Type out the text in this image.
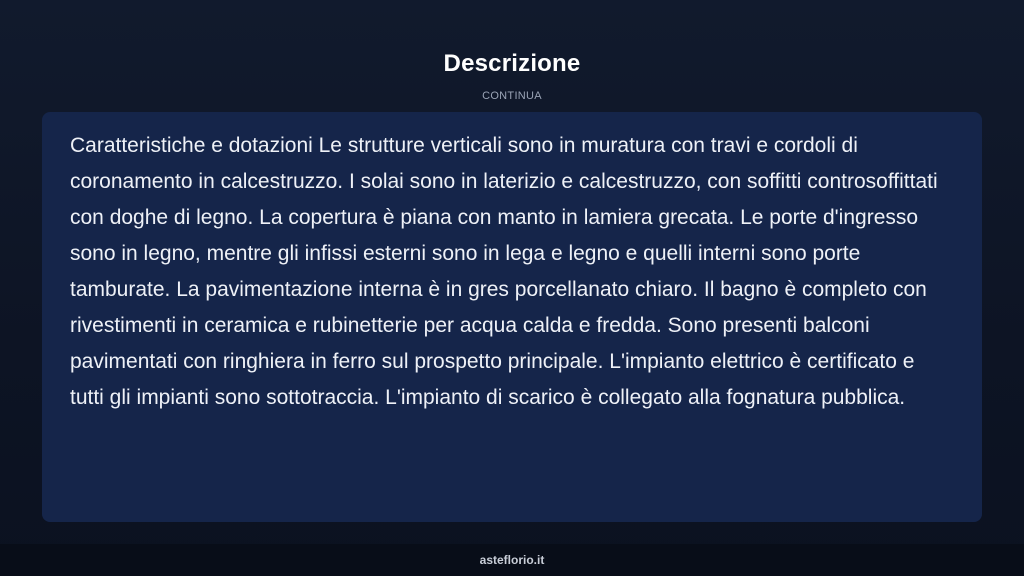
Descrizione
CONTINUA

Caratteristiche e dotazioni Le strutture verticali sono in muratura con travi e cordoli di coronamento in calcestruzzo. I solai sono in laterizio e calcestruzzo, con soffitti controsoffittati con doghe di legno. La copertura è piana con manto in lamiera grecata. Le porte d'ingresso sono in legno, mentre gli infissi esterni sono in lega e legno e quelli interni sono porte tamburate. La pavimentazione interna è in gres porcellanato chiaro. Il bagno è completo con rivestimenti in ceramica e rubinetterie per acqua calda e fredda. Sono presenti balconi pavimentati con ringhiera in ferro sul prospetto principale. L'impianto elettrico è certificato e tutti gli impianti sono sottotraccia. L'impianto di scarico è collegato alla fognatura pubblica.

asteflorio.it
